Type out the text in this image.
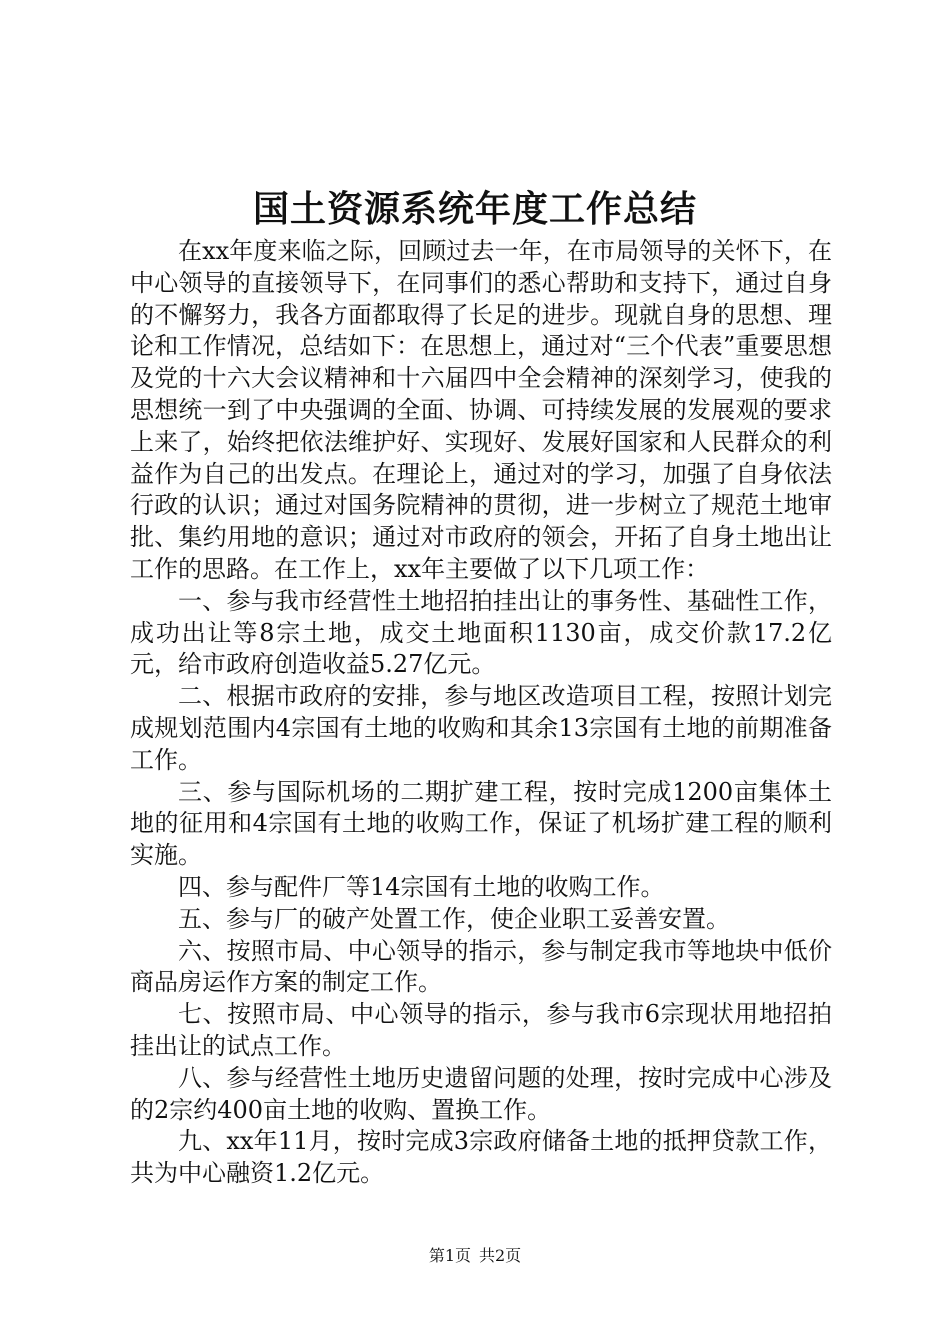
国土资源系统年度工作总结

在xx年度来临之际，回顾过去一年，在市局领导的关怀下，在中心领导的直接领导下，在同事们的悉心帮助和支持下，通过自身的不懈努力，我各方面都取得了长足的进步。现就自身的思想、理论和工作情况，总结如下：在思想上，通过对“三个代表”重要思想及党的十六大会议精神和十六届四中全会精神的深刻学习，使我的思想统一到了中央强调的全面、协调、可持续发展的发展观的要求上来了，始终把依法维护好、实现好、发展好国家和人民群众的利益作为自己的出发点。在理论上，通过对的学习，加强了自身依法行政的认识；通过对国务院精神的贯彻，进一步树立了规范土地审批、集约用地的意识；通过对市政府的领会，开拓了自身土地出让工作的思路。在工作上，xx年主要做了以下几项工作：

一、参与我市经营性土地招拍挂出让的事务性、基础性工作，成功出让等8宗土地，成交土地面积1130亩，成交价款17.2亿元，给市政府创造收益5.27亿元。

二、根据市政府的安排，参与地区改造项目工程，按照计划完成规划范围内4宗国有土地的收购和其余13宗国有土地的前期准备工作。

三、参与国际机场的二期扩建工程，按时完成1200亩集体土地的征用和4宗国有土地的收购工作，保证了机场扩建工程的顺利实施。

四、参与配件厂等14宗国有土地的收购工作。

五、参与厂的破产处置工作，使企业职工妥善安置。

六、按照市局、中心领导的指示，参与制定我市等地块中低价商品房运作方案的制定工作。

七、按照市局、中心领导的指示，参与我市6宗现状用地招拍挂出让的试点工作。

八、参与经营性土地历史遗留问题的处理，按时完成中心涉及的2宗约400亩土地的收购、置换工作。

九、xx年11月，按时完成3宗政府储备土地的抵押贷款工作，共为中心融资1.2亿元。

第1页 共2页
